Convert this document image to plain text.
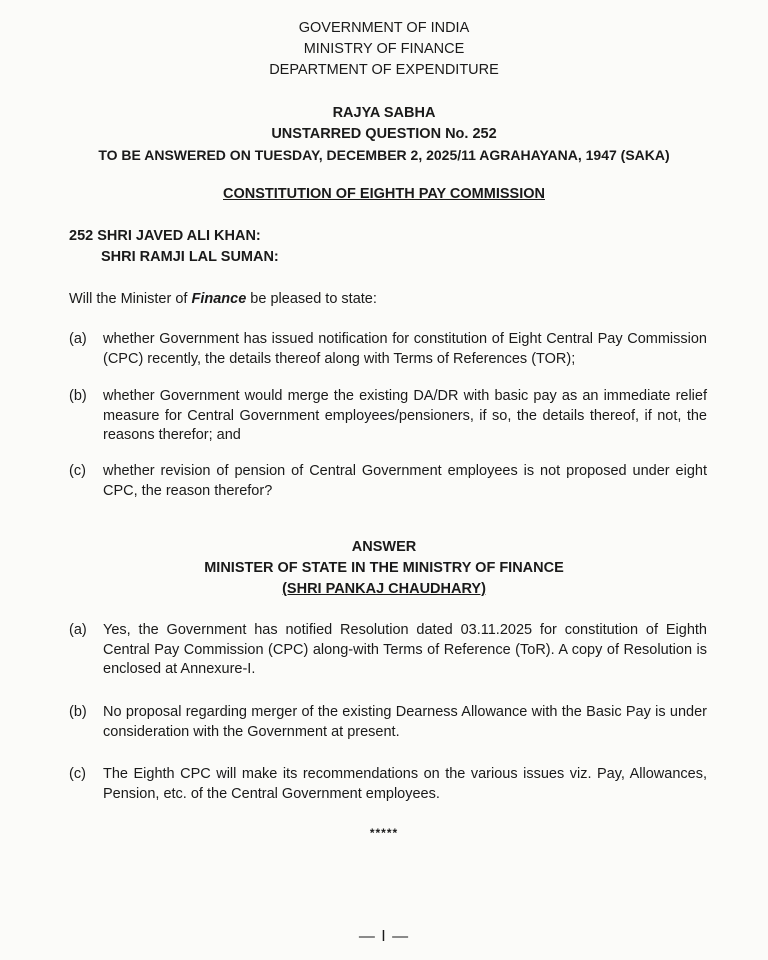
GOVERNMENT OF INDIA
MINISTRY OF FINANCE
DEPARTMENT OF EXPENDITURE
RAJYA SABHA
UNSTARRED QUESTION No. 252
TO BE ANSWERED ON TUESDAY, DECEMBER 2, 2025/11 AGRAHAYANA, 1947 (SAKA)
CONSTITUTION OF EIGHTH PAY COMMISSION
252 SHRI JAVED ALI KHAN:
SHRI RAMJI LAL SUMAN:
Will the Minister of Finance be pleased to state:
(a)	whether Government has issued notification for constitution of Eight Central Pay Commission (CPC) recently, the details thereof along with Terms of References (TOR);
(b)	whether Government would merge the existing DA/DR with basic pay as an immediate relief measure for Central Government employees/pensioners, if so, the details thereof, if not, the reasons therefor; and
(c)	whether revision of pension of Central Government employees is not proposed under eight CPC, the reason therefor?
ANSWER
MINISTER OF STATE IN THE MINISTRY OF FINANCE
(SHRI PANKAJ CHAUDHARY)
(a)	Yes, the Government has notified Resolution dated 03.11.2025 for constitution of Eighth Central Pay Commission (CPC) along-with Terms of Reference (ToR). A copy of Resolution is enclosed at Annexure-I.
(b)	No proposal regarding merger of the existing Dearness Allowance with the Basic Pay is under consideration with the Government at present.
(c)	The Eighth CPC will make its recommendations on the various issues viz. Pay, Allowances, Pension, etc. of the Central Government employees.
*****
— I —
